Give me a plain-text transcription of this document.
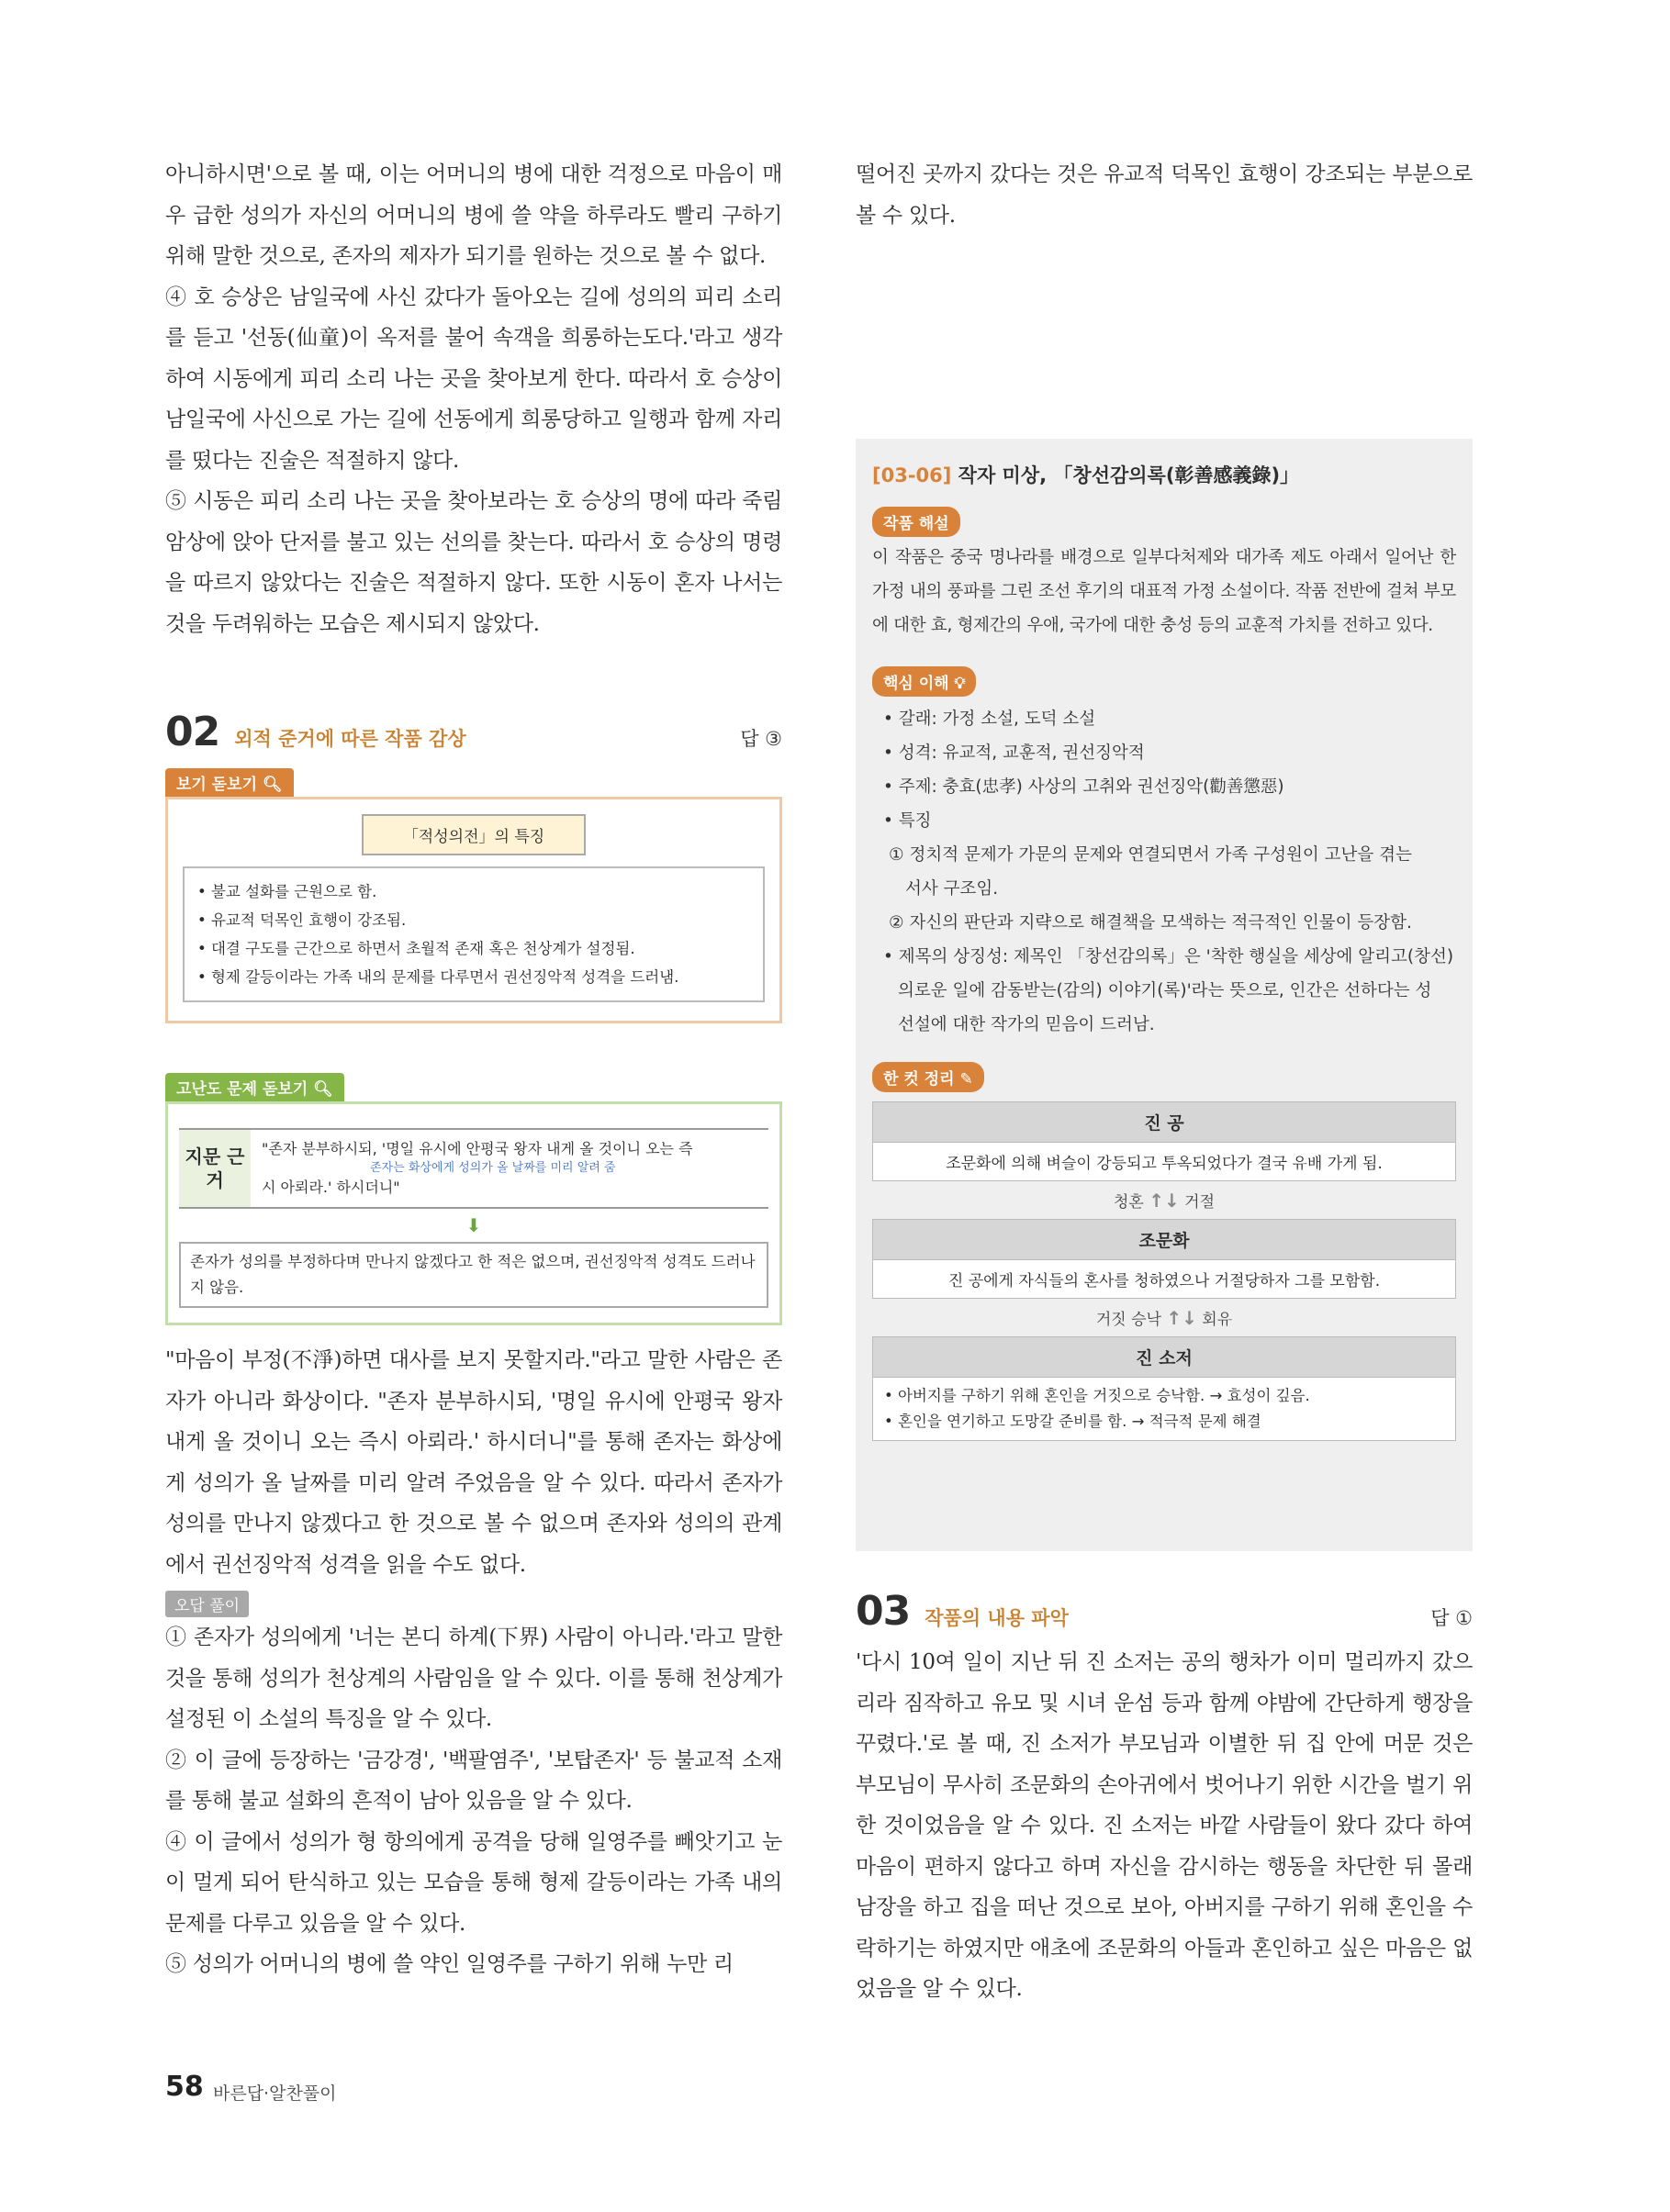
아니하시면'으로 볼 때, 이는 어머니의 병에 대한 걱정으로 마음이 매우 급한 성의가 자신의 어머니의 병에 쓸 약을 하루라도 빨리 구하기 위해 말한 것으로, 존자의 제자가 되기를 원하는 것으로 볼 수 없다.

④ 호 승상은 남일국에 사신 갔다가 돌아오는 길에 성의의 피리 소리를 듣고 '선동(仙童)이 옥저를 불어 속객을 희롱하는도다.'라고 생각하여 시동에게 피리 소리 나는 곳을 찾아보게 한다. 따라서 호 승상이 남일국에 사신으로 가는 길에 선동에게 희롱당하고 일행과 함께 자리를 떴다는 진술은 적절하지 않다.

⑤ 시동은 피리 소리 나는 곳을 찾아보라는 호 승상의 명에 따라 죽림 암상에 앉아 단저를 불고 있는 선의를 찾는다. 따라서 호 승상의 명령을 따르지 않았다는 진술은 적절하지 않다. 또한 시동이 혼자 나서는 것을 두려워하는 모습은 제시되지 않았다.

02 외적 준거에 따른 작품 감상	답 ③
보기 돋보기 🔍︎
「적성의전」의 특징
• 불교 설화를 근원으로 함.
• 유교적 덕목인 효행이 강조됨.
• 대결 구도를 근간으로 하면서 초월적 존재 혹은 천상계가 설정됨.
• 형제 갈등이라는 가족 내의 문제를 다루면서 권선징악적 성격을 드러냄.
고난도 문제 돋보기 🔍︎
지문 근거
"존자 분부하시되, '명일 유시에 안평국 왕자 내게 올 것이니 오는 즉
존자는 화상에게 성의가 올 날짜를 미리 알려 줌
시 아뢰라.' 하시더니"
⬇
존자가 성의를 부정하다며 만나지 않겠다고 한 적은 없으며, 권선징악적 성격도 드러나지 않음.

"마음이 부정(不淨)하면 대사를 보지 못할지라."라고 말한 사람은 존자가 아니라 화상이다. "존자 분부하시되, '명일 유시에 안평국 왕자 내게 올 것이니 오는 즉시 아뢰라.' 하시더니"를 통해 존자는 화상에게 성의가 올 날짜를 미리 알려 주었음을 알 수 있다. 따라서 존자가 성의를 만나지 않겠다고 한 것으로 볼 수 없으며 존자와 성의의 관계에서 권선징악적 성격을 읽을 수도 없다.

오답 풀이

① 존자가 성의에게 '너는 본디 하계(下界) 사람이 아니라.'라고 말한 것을 통해 성의가 천상계의 사람임을 알 수 있다. 이를 통해 천상계가 설정된 이 소설의 특징을 알 수 있다.

② 이 글에 등장하는 '금강경', '백팔염주', '보탑존자' 등 불교적 소재를 통해 불교 설화의 흔적이 남아 있음을 알 수 있다.

④ 이 글에서 성의가 형 항의에게 공격을 당해 일영주를 빼앗기고 눈이 멀게 되어 탄식하고 있는 모습을 통해 형제 갈등이라는 가족 내의 문제를 다루고 있음을 알 수 있다.

⑤ 성의가 어머니의 병에 쓸 약인 일영주를 구하기 위해 누만 리

떨어진 곳까지 갔다는 것은 유교적 덕목인 효행이 강조되는 부분으로 볼 수 있다.

[03-06] 작자 미상, 「창선감의록(彰善感義錄)」
작품 해설

이 작품은 중국 명나라를 배경으로 일부다처제와 대가족 제도 아래서 일어난 한 가정 내의 풍파를 그린 조선 후기의 대표적 가정 소설이다. 작품 전반에 걸쳐 부모에 대한 효, 형제간의 우애, 국가에 대한 충성 등의 교훈적 가치를 전하고 있다.

핵심 이해 💡︎
• 갈래: 가정 소설, 도덕 소설
• 성격: 유교적, 교훈적, 권선징악적
• 주제: 충효(忠孝) 사상의 고취와 권선징악(勸善懲惡)
• 특징
① 정치적 문제가 가문의 문제와 연결되면서 가족 구성원이 고난을 겪는
서사 구조임.
② 자신의 판단과 지략으로 해결책을 모색하는 적극적인 인물이 등장함.
• 제목의 상징성: 제목인 「창선감의록」은 '착한 행실을 세상에 알리고(창선)
의로운 일에 감동받는(감의) 이야기(록)'라는 뜻으로, 인간은 선하다는 성
선설에 대한 작가의 믿음이 드러남.
한 컷 정리 ✎
진 공
조문화에 의해 벼슬이 강등되고 투옥되었다가 결국 유배 가게 됨.
청혼 ↑↓ 거절
조문화
진 공에게 자식들의 혼사를 청하였으나 거절당하자 그를 모함함.
거짓 승낙 ↑↓ 회유
진 소저
• 아버지를 구하기 위해 혼인을 거짓으로 승낙함. → 효성이 깊음.
• 혼인을 연기하고 도망갈 준비를 함. → 적극적 문제 해결
03 작품의 내용 파악	답 ①

'다시 10여 일이 지난 뒤 진 소저는 공의 행차가 이미 멀리까지 갔으리라 짐작하고 유모 및 시녀 운섬 등과 함께 야밤에 간단하게 행장을 꾸렸다.'로 볼 때, 진 소저가 부모님과 이별한 뒤 집 안에 머문 것은 부모님이 무사히 조문화의 손아귀에서 벗어나기 위한 시간을 벌기 위한 것이었음을 알 수 있다. 진 소저는 바깥 사람들이 왔다 갔다 하여 마음이 편하지 않다고 하며 자신을 감시하는 행동을 차단한 뒤 몰래 남장을 하고 집을 떠난 것으로 보아, 아버지를 구하기 위해 혼인을 수락하기는 하였지만 애초에 조문화의 아들과 혼인하고 싶은 마음은 없었음을 알 수 있다.

58 바른답·알찬풀이
